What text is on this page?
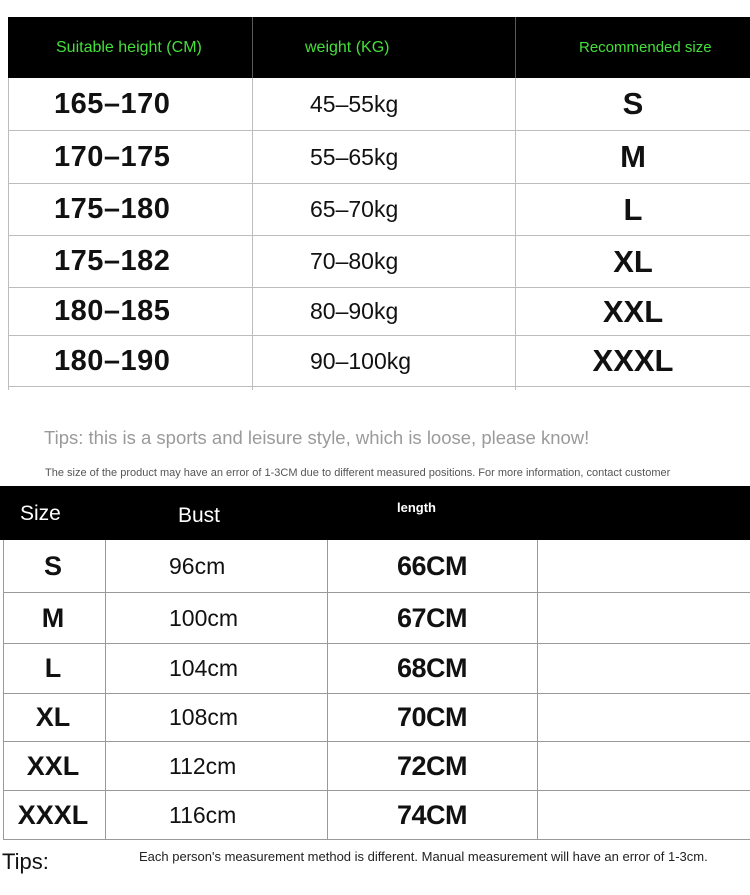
Suitable height (CM)	weight (KG)	Recommended size
165–170	45–55kg	S
170–175	55–65kg	M
175–180	65–70kg	L
175–182	70–80kg	XL
180–185	80–90kg	XXL
180–190	90–100kg	XXXL
Tips: this is a sports and leisure style, which is loose, please know!
The size of the product may have an error of 1-3CM due to different measured positions. For more information, contact customer
Size	Bust	length
S	96cm	66CM
M	100cm	67CM
L	104cm	68CM
XL	108cm	70CM
XXL	112cm	72CM
XXXL	116cm	74CM
Tips:	Each person's measurement method is different. Manual measurement will have an error of 1-3cm.
